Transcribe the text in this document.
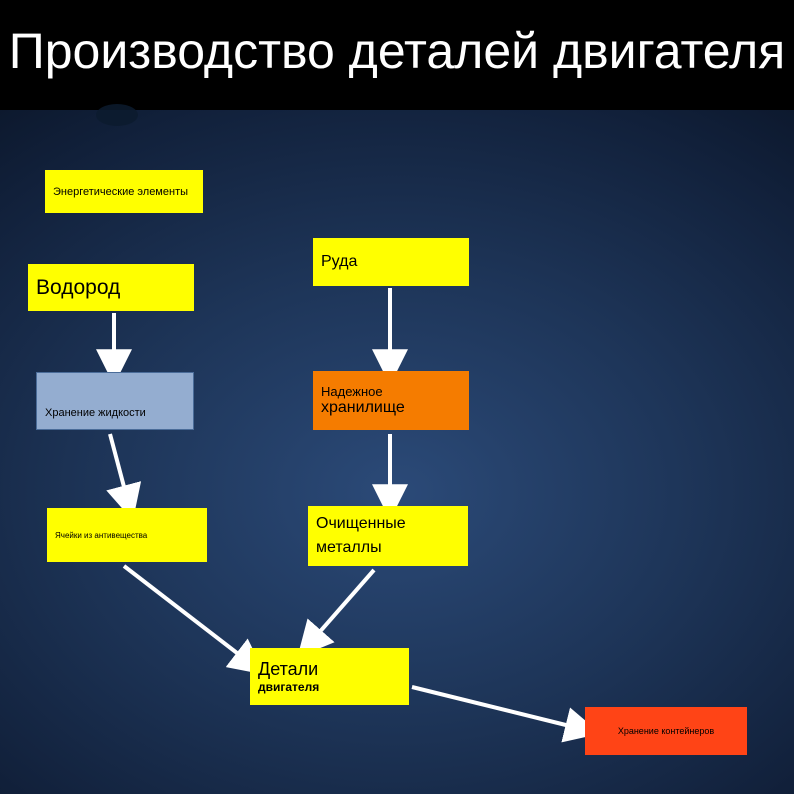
Производство деталей двигателя
Энергетические элементы
Водород
Хранение жидкости
Ячейки из антивещества
Руда
Надежное
хранилище
Очищенные
металлы
Детали
двигателя
Хранение контейнеров
